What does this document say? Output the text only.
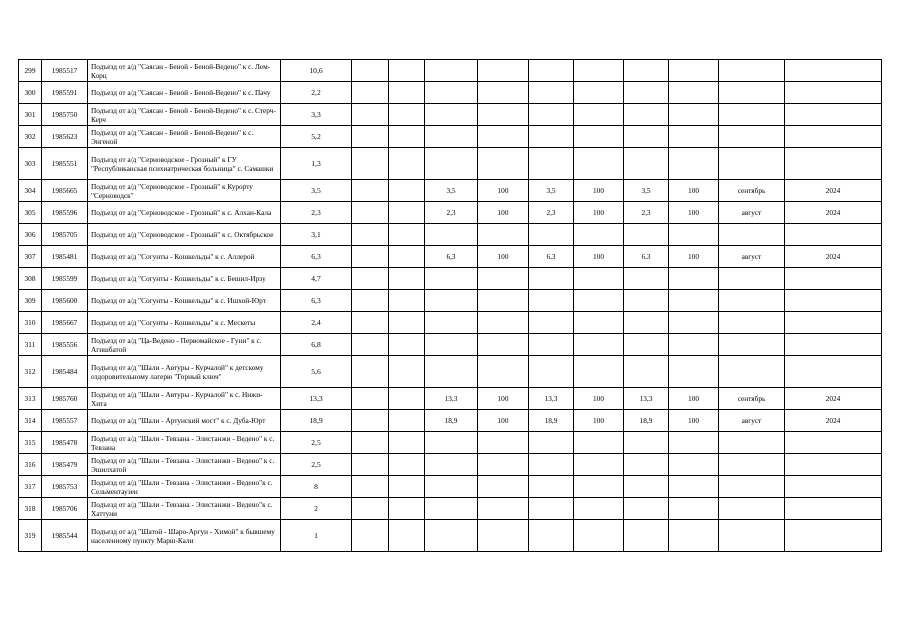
299	1985517	Подъезд от а/д "Саясан - Беной - Беной-Ведено" к с. Лем-Корц	10,6										
300	1985591	Подъезд от а/д "Саясан - Беной - Беной-Ведено" к с. Пачу	2,2										
301	1985750	Подъезд от а/д "Саясан - Беной - Беной-Ведено" к с. Стерч-Керч	3,3										
302	1985623	Подъезд от а/д "Саясан - Беной - Беной-Ведено" к с. Энгеной	5,2										
303	1985551	Подъезд от а/д "Серноводское - Грозный" к ГУ "Республиканская психиатрическая больница" с. Самашки	1,3										
304	1985665	Подъезд от а/д "Серноводское - Грозный" к Курорту "Серноводск"	3,5			3,5	100	3,5	100	3,5	100	сентябрь	2024
305	1985596	Подъезд от а/д "Серноводское - Грозный" к с. Алхан-Кала	2,3			2,3	100	2,3	100	2,3	100	август	2024
306	1985705	Подъезд от а/д "Серноводское - Грозный" к с. Октябрьское	3,1										
307	1985481	Подъезд от а/д "Согунты - Кошкельды" к с. Аллерой	6,3			6,3	100	6,3	100	6,3	100	август	2024
308	1985599	Подъезд от а/д "Согунты - Кошкельды" к с. Бешил-Ирзу	4,7										
309	1985600	Подъезд от а/д "Согунты - Кошкельды" к с. Ишхой-Юрт	6,3										
310	1985667	Подъезд от а/д "Согунты - Кошкельды" к с. Мескеты	2,4										
311	1985556	Подъезд от а/д "Ца-Ведено - Первомайское - Гуни" к с. Агишбатой	6,8										
312	1985484	Подъезд от а/д "Шали - Автуры - Курчалой" к детскому оздоровительному лагерю "Горный ключ"	5,6										
313	1985760	Подъезд от а/д "Шали - Автуры - Курчалой" к с. Нижи-Хита	13,3			13,3	100	13,3	100	13,3	100	сентябрь	2024
314	1985557	Подъезд от а/д "Шали - Артунский мост" к с. Дуба-Юрт	18,9			18,9	100	18,9	100	18,9	100	август	2024
315	1985478	Подъезд от а/д "Шали - Тевзана - Элистанжи - Ведено" к с. Тевзана	2,5										
316	1985479	Подъезд от а/д "Шали - Тевзана - Элистанжи - Ведено" к с. Эшилхатой	2,5										
317	1985753	Подъезд от а/д "Шали - Тевзана - Элистанжи - Ведено"к с. Сельментаузен	8										
318	1985706	Подъезд от а/д "Шали - Тевзана - Элистанжи - Ведено"к с. Хаттуни	2										
319	1985544	Подъезд от а/д "Шатой - Шаро-Аргун - Химой" к бывшему населенному пункту Марш-Кали	1										
